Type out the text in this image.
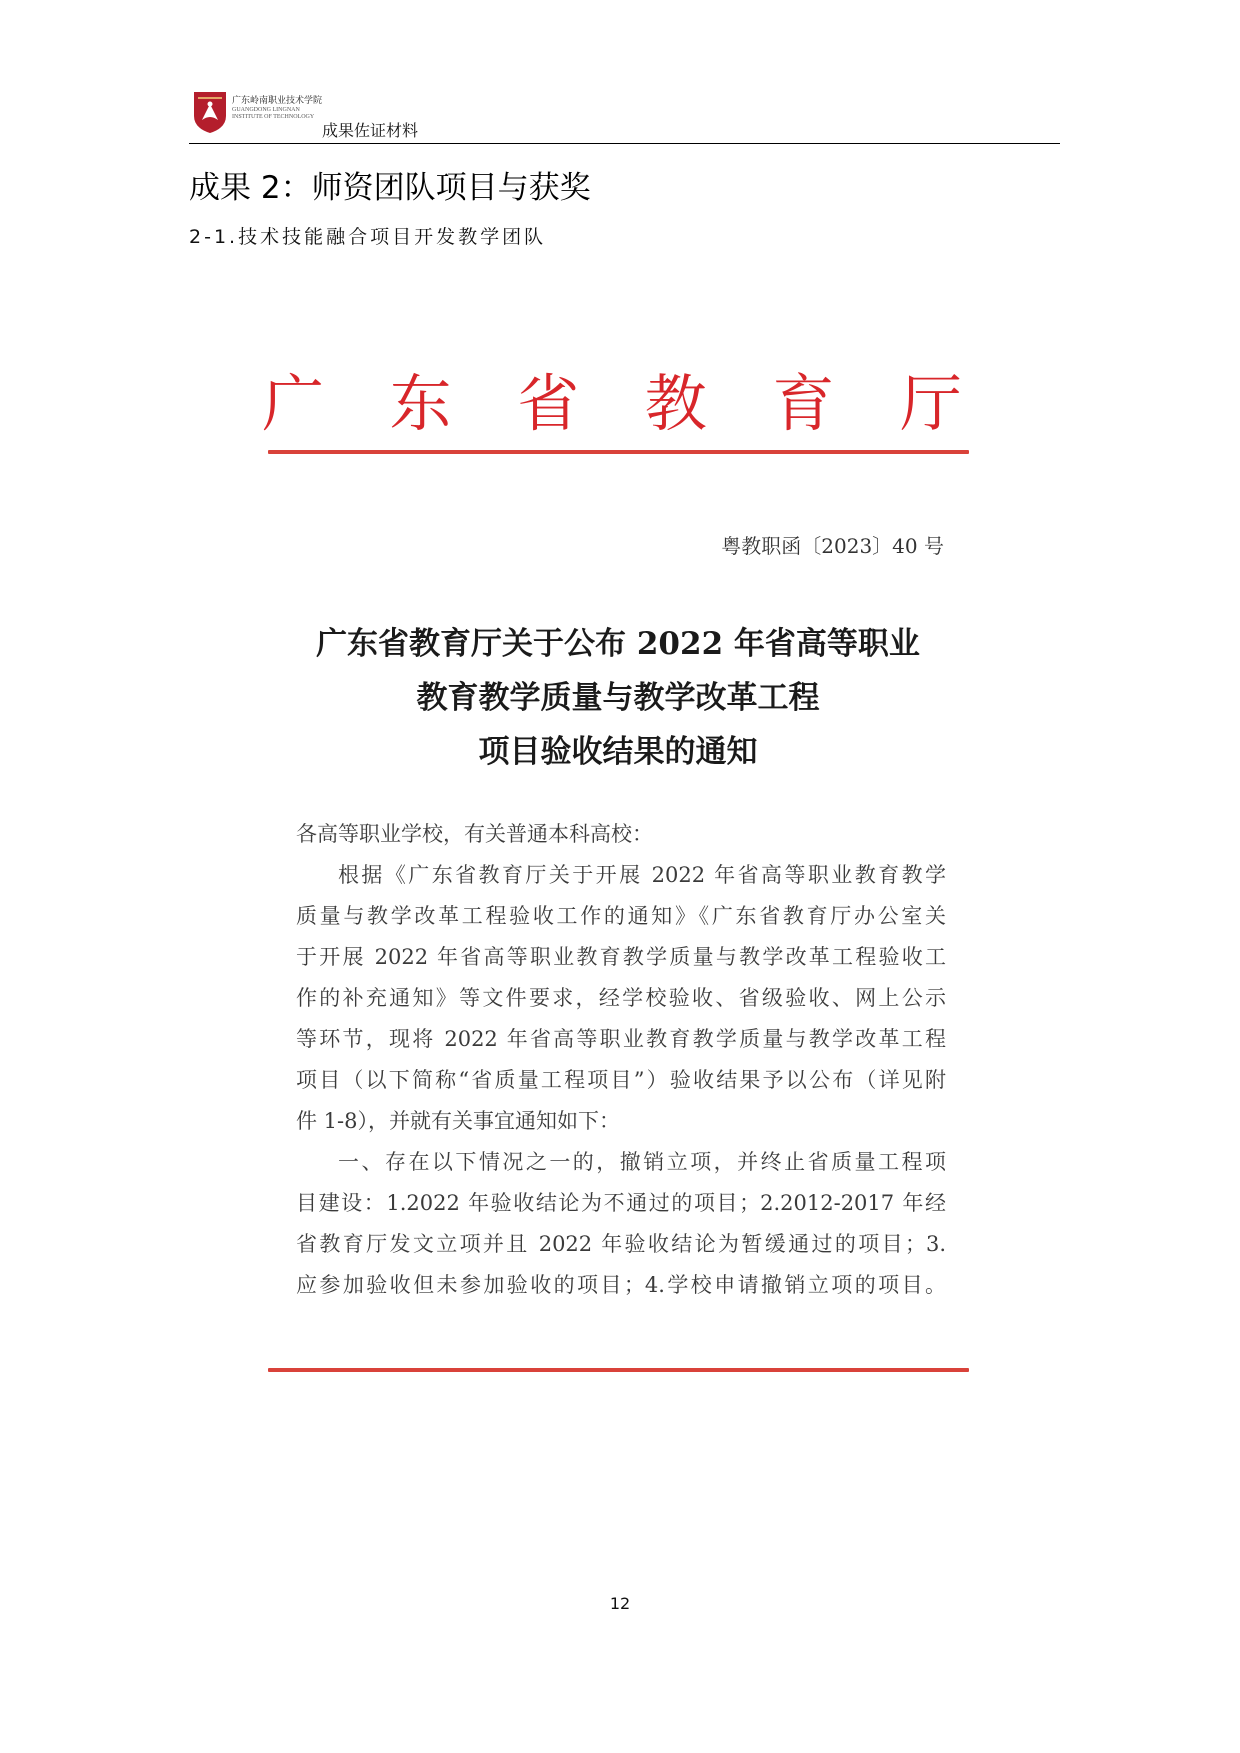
广东岭南职业技术学院
GUANGDONG LINGNAN
INSTITUTE OF TECHNOLOGY
成果佐证材料
成果 2：师资团队项目与获奖
2-1.技术技能融合项目开发教学团队
广 东 省 教 育 厅
粤教职函〔2023〕40 号
广东省教育厅关于公布 2022 年省高等职业
教育教学质量与教学改革工程
项目验收结果的通知
各高等职业学校，有关普通本科高校：
根据《广东省教育厅关于开展 2022 年省高等职业教育教学
质量与教学改革工程验收工作的通知》《广东省教育厅办公室关
于开展 2022 年省高等职业教育教学质量与教学改革工程验收工
作的补充通知》等文件要求，经学校验收、省级验收、网上公示
等环节，现将 2022 年省高等职业教育教学质量与教学改革工程
项目（以下简称“省质量工程项目”）验收结果予以公布（详见附
件 1-8），并就有关事宜通知如下：
一、存在以下情况之一的，撤销立项，并终止省质量工程项
目建设：1.2022 年验收结论为不通过的项目；2.2012-2017 年经
省教育厅发文立项并且 2022 年验收结论为暂缓通过的项目；3.
应参加验收但未参加验收的项目；4.学校申请撤销立项的项目。
12
